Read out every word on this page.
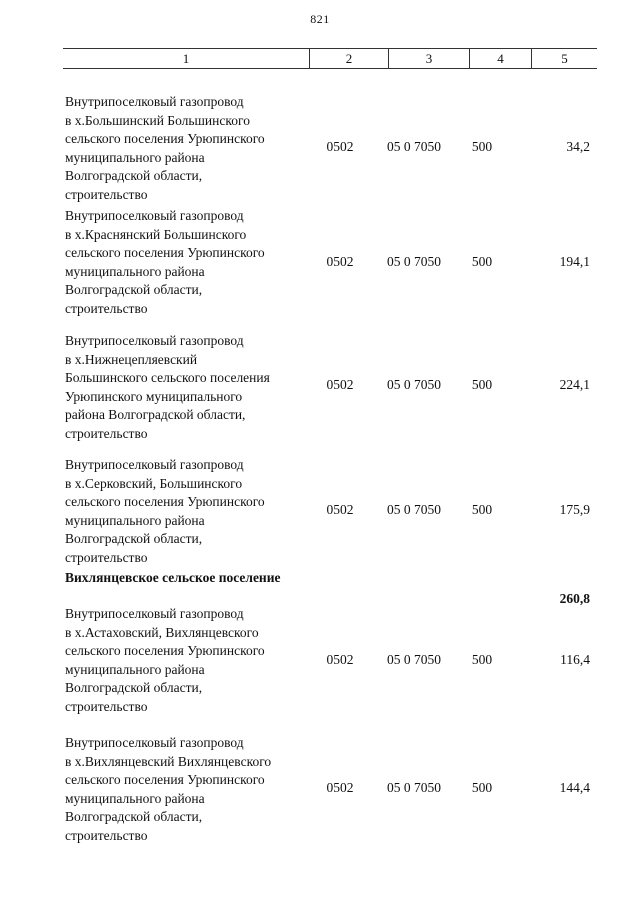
821
1	2	3	4	5
Внутрипоселковый газопровод
в х.Большинский Большинского
сельского поселения Урюпинского
муниципального района
Волгоградской области,
строительство
0502	05 0 7050	500	34,2
Внутрипоселковый газопровод
в х.Краснянский Большинского
сельского поселения Урюпинского
муниципального района
Волгоградской области,
строительство
0502	05 0 7050	500	194,1
Внутрипоселковый газопровод
в х.Нижнецепляевский
Большинского сельского поселения
Урюпинского муниципального
района Волгоградской области,
строительство
0502	05 0 7050	500	224,1
Внутрипоселковый газопровод
в х.Серковский, Большинского
сельского поселения Урюпинского
муниципального района
Волгоградской области,
строительство
0502	05 0 7050	500	175,9
Вихлянцевское сельское поселение
260,8
Внутрипоселковый газопровод
в х.Астаховский, Вихлянцевского
сельского поселения Урюпинского
муниципального района
Волгоградской области,
строительство
0502	05 0 7050	500	116,4
Внутрипоселковый газопровод
в х.Вихлянцевский Вихлянцевского
сельского поселения Урюпинского
муниципального района
Волгоградской области,
строительство
0502	05 0 7050	500	144,4
